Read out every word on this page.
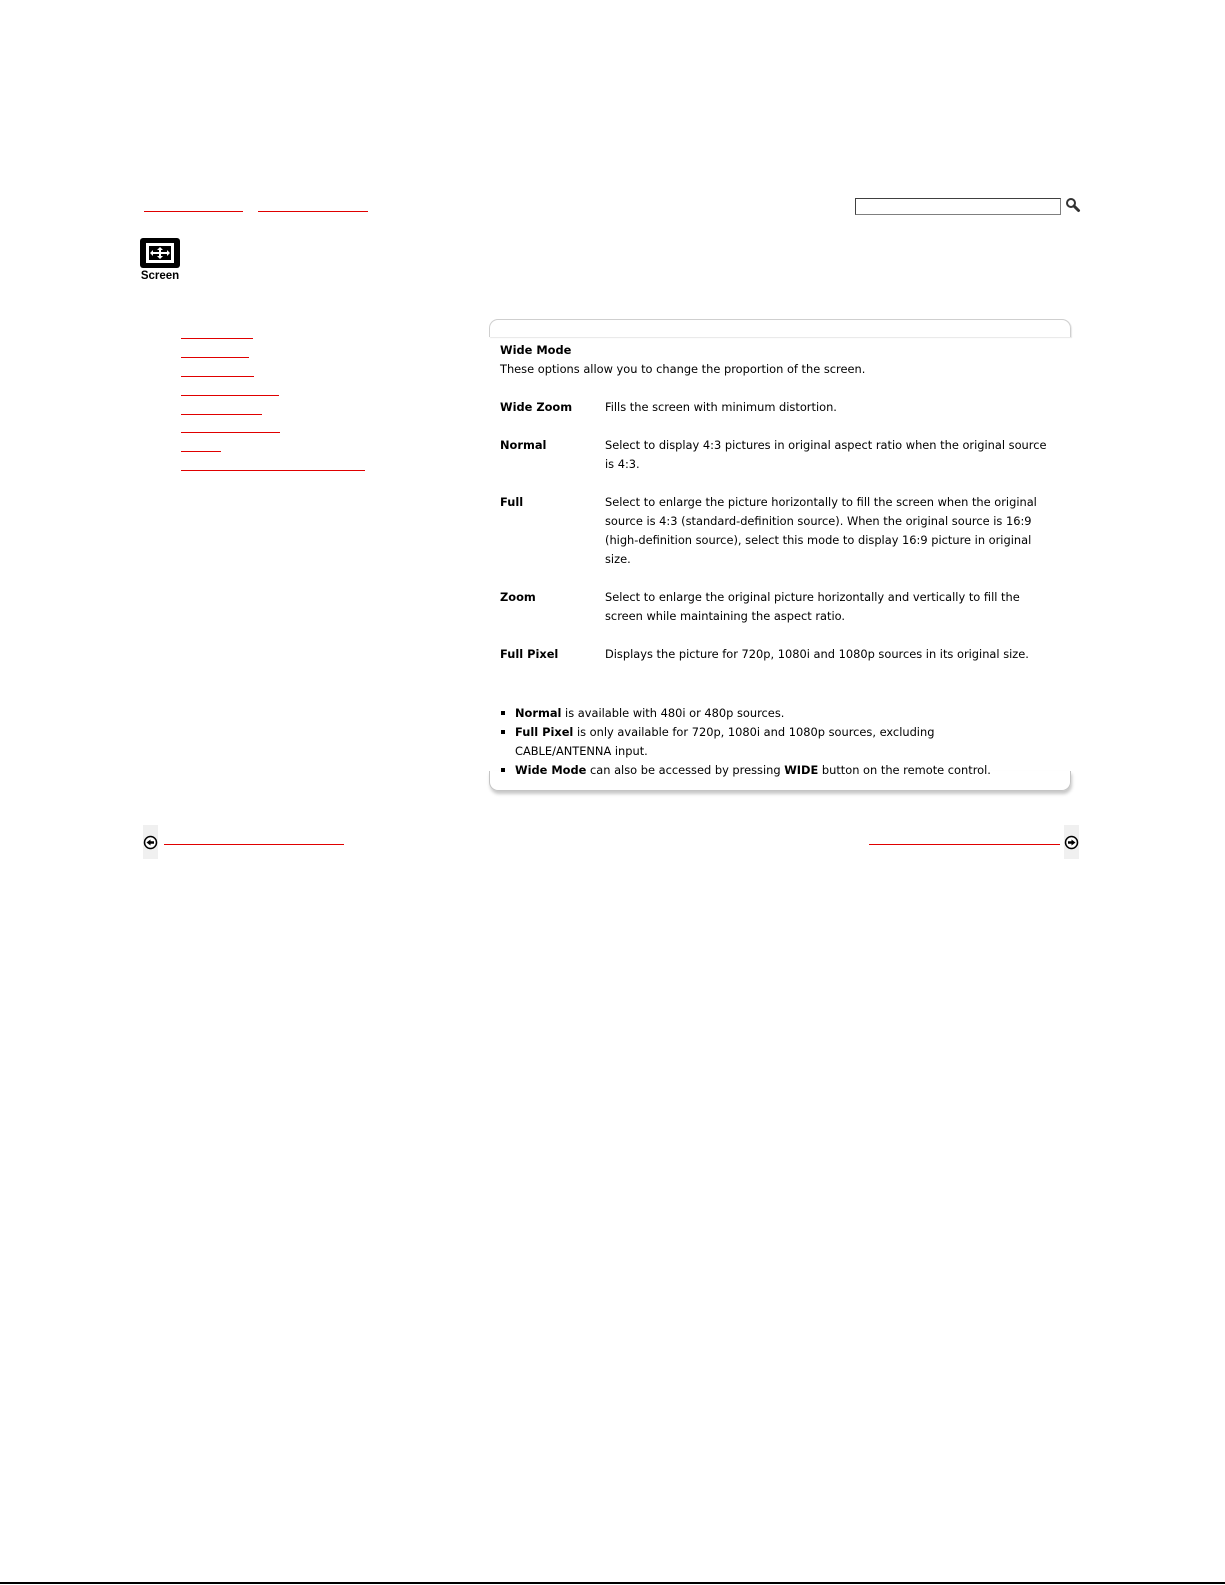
Screen
Wide Mode
These options allow you to change the proportion of the screen.
Wide Zoom	Fills the screen with minimum distortion.
Normal	Select to display 4:3 pictures in original aspect ratio when the original source is 4:3.
Full	Select to enlarge the picture horizontally to fill the screen when the original source is 4:3 (standard-definition source). When the original source is 16:9 (high-definition source), select this mode to display 16:9 picture in original size.
Zoom	Select to enlarge the original picture horizontally and vertically to fill the screen while maintaining the aspect ratio.
Full Pixel	Displays the picture for 720p, 1080i and 1080p sources in its original size.
Normal is available with 480i or 480p sources.
Full Pixel is only available for 720p, 1080i and 1080p sources, excluding CABLE/ANTENNA input.
Wide Mode can also be accessed by pressing WIDE button on the remote control.
